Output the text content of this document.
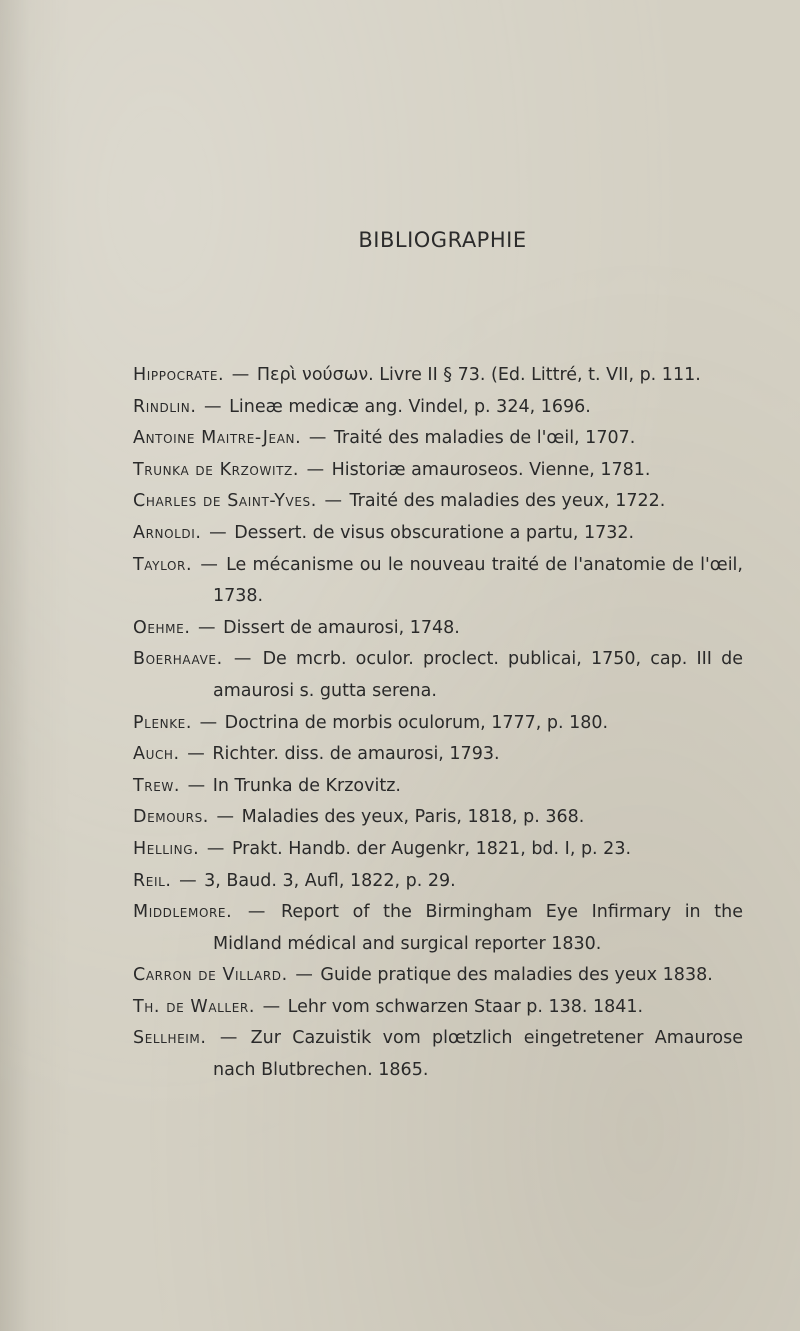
BIBLIOGRAPHIE

Hippocrate. — Περὶ νούσων. Livre II § 73. (Ed. Littré, t. VII, p. 111.

Rindlin. — Lineæ medicæ ang. Vindel, p. 324, 1696.

Antoine Maitre-Jean. — Traité des maladies de l'œil, 1707.

Trunka de Krzowitz. — Historiæ amauroseos. Vienne, 1781.

Charles de Saint-Yves. — Traité des maladies des yeux, 1722.

Arnoldi. — Dessert. de visus obscuratione a partu, 1732.

Taylor. — Le mécanisme ou le nouveau traité de l'anatomie de l'œil, 1738.

Oehme. — Dissert de amaurosi, 1748.

Boerhaave. — De mcrb. oculor. proclect. publicai, 1750, cap. III de amaurosi s. gutta serena.

Plenke. — Doctrina de morbis oculorum, 1777, p. 180.

Auch. — Richter. diss. de amaurosi, 1793.

Trew. — In Trunka de Krzovitz.

Demours. — Maladies des yeux, Paris, 1818, p. 368.

Helling. — Prakt. Handb. der Augenkr, 1821, bd. I, p. 23.

Reil. — 3, Baud. 3, Aufl, 1822, p. 29.

Middlemore. — Report of the Birmingham Eye Infirmary in the Midland médical and surgical reporter 1830.

Carron de Villard. — Guide pratique des maladies des yeux 1838.

Th. de Waller. — Lehr vom schwarzen Staar p. 138. 1841.

Sellheim. — Zur Cazuistik vom plœtzlich eingetretener Amaurose nach Blutbrechen. 1865.
